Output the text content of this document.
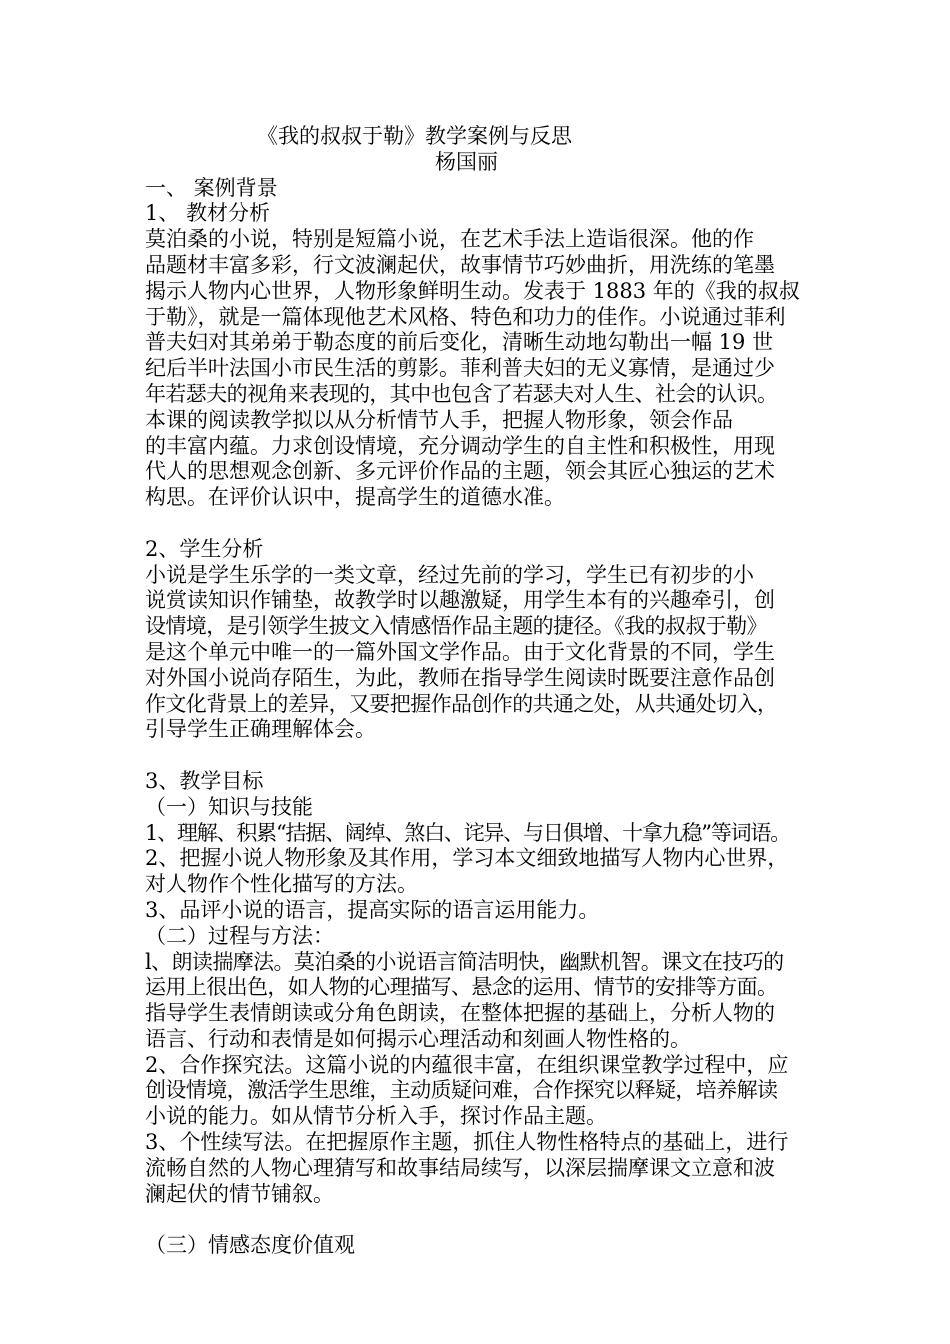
《我的叔叔于勒》教学案例与反思
杨国丽
一、 案例背景
1、 教材分析
莫泊桑的小说，特别是短篇小说，在艺术手法上造诣很深。他的作
品题材丰富多彩，行文波澜起伏，故事情节巧妙曲折，用洗练的笔墨
揭示人物内心世界，人物形象鲜明生动。发表于 1883 年的《我的叔叔
于勒》，就是一篇体现他艺术风格、特色和功力的佳作。小说通过菲利
普夫妇对其弟弟于勒态度的前后变化，清晰生动地勾勒出一幅 19 世
纪后半叶法国小市民生活的剪影。菲利普夫妇的无义寡情，是通过少
年若瑟夫的视角来表现的，其中也包含了若瑟夫对人生、社会的认识。
本课的阅读教学拟以从分析情节人手，把握人物形象，领会作品
的丰富内蕴。力求创设情境，充分调动学生的自主性和积极性，用现
代人的思想观念创新、多元评价作品的主题，领会其匠心独运的艺术
构思。在评价认识中，提高学生的道德水准。
2、学生分析
小说是学生乐学的一类文章，经过先前的学习，学生已有初步的小
说赏读知识作铺垫，故教学时以趣激疑，用学生本有的兴趣牵引，创
设情境，是引领学生披文入情感悟作品主题的捷径。《我的叔叔于勒》
是这个单元中唯一的一篇外国文学作品。由于文化背景的不同，学生
对外国小说尚存陌生，为此，教师在指导学生阅读时既要注意作品创
作文化背景上的差异，又要把握作品创作的共通之处，从共通处切入，
引导学生正确理解体会。
3、教学目标
（一）知识与技能
1、理解、积累“拮据、阔绰、煞白、诧异、与日俱增、十拿九稳”等词语。
2、把握小说人物形象及其作用，学习本文细致地描写人物内心世界，
对人物作个性化描写的方法。
3、品评小说的语言，提高实际的语言运用能力。
（二）过程与方法：
l、朗读揣摩法。莫泊桑的小说语言简洁明快，幽默机智。课文在技巧的
运用上很出色，如人物的心理描写、悬念的运用、情节的安排等方面。
指导学生表情朗读或分角色朗读，在整体把握的基础上，分析人物的
语言、行动和表情是如何揭示心理活动和刻画人物性格的。
2、合作探究法。这篇小说的内蕴很丰富，在组织课堂教学过程中，应
创设情境，激活学生思维，主动质疑问难，合作探究以释疑，培养解读
小说的能力。如从情节分析入手，探讨作品主题。
3、个性续写法。在把握原作主题，抓住人物性格特点的基础上，进行
流畅自然的人物心理猜写和故事结局续写，以深层揣摩课文立意和波
澜起伏的情节铺叙。
（三）情感态度价值观
